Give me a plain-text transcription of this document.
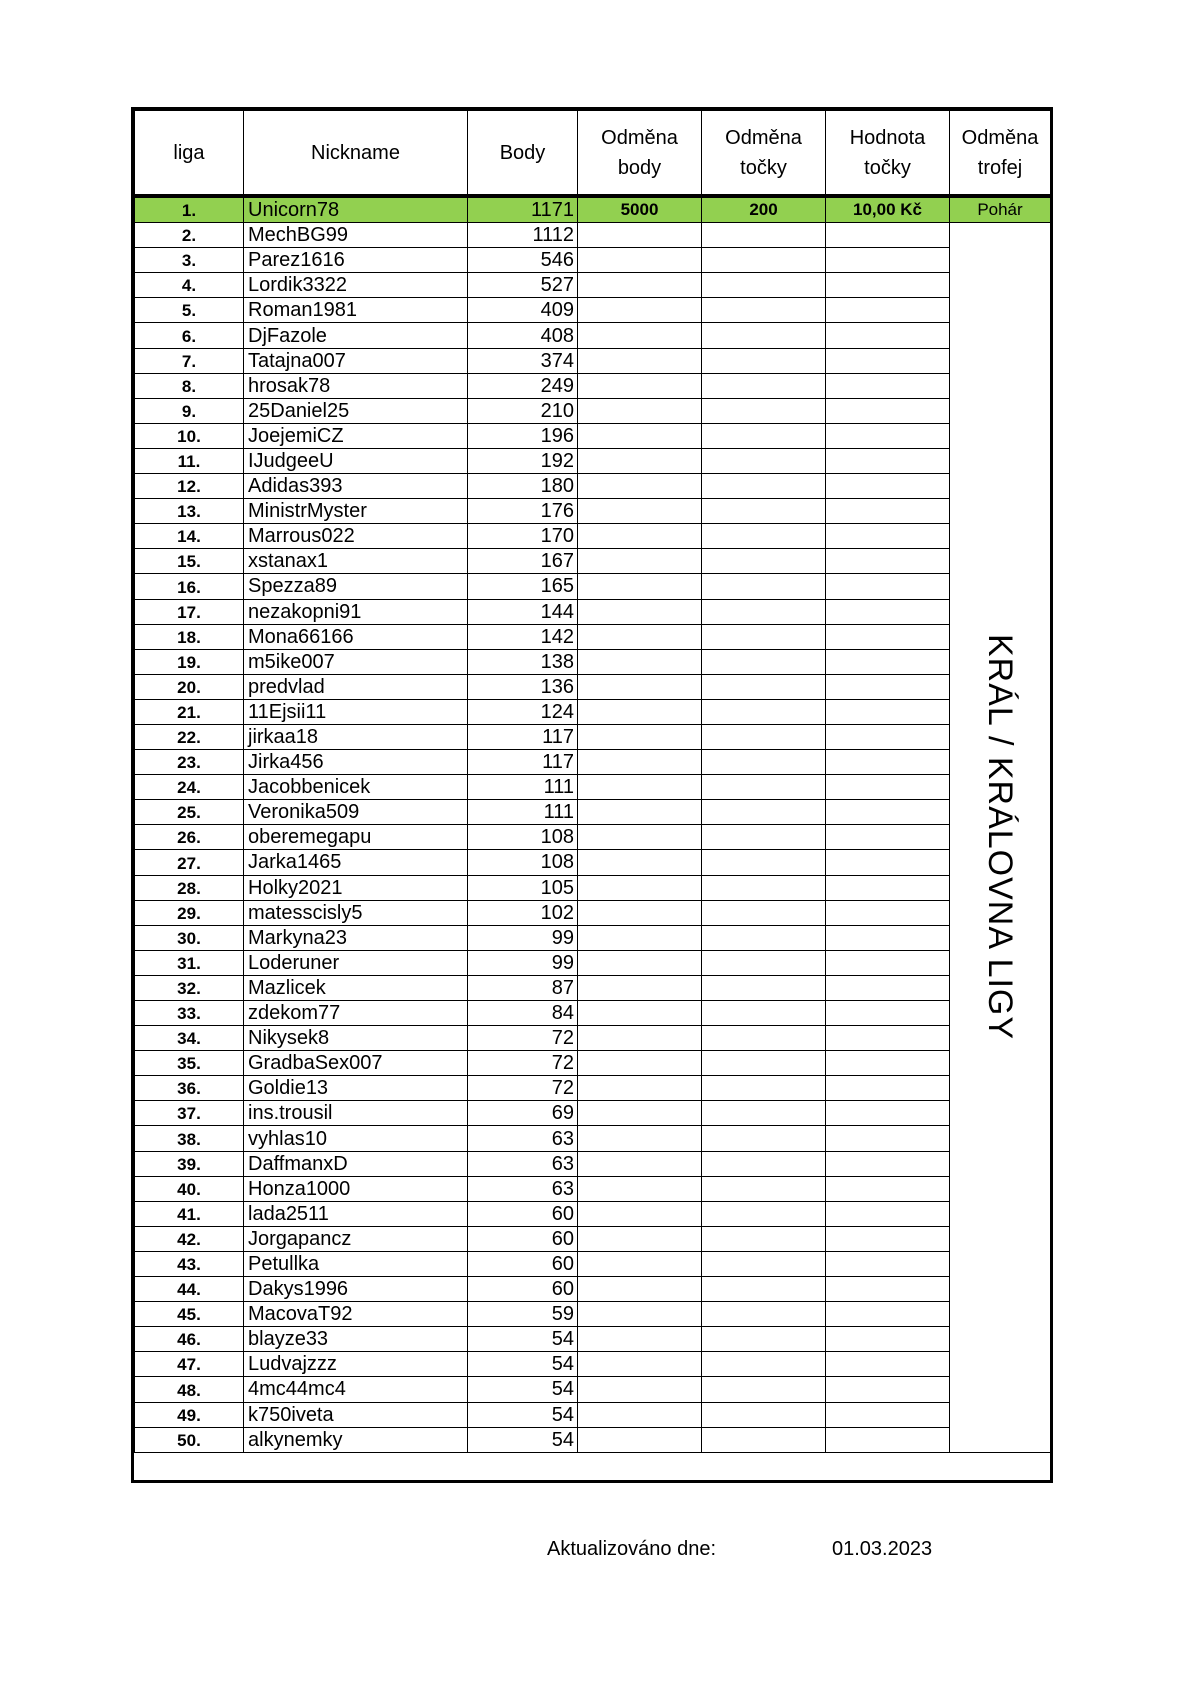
liga	Nickname	Body	Odměna body	Odměna točky	Hodnota točky	Odměna trofej
1.	Unicorn78	1171	5000	200	10,00 Kč	Pohár
2.	MechBG99	1112				KRÁL / KRÁLOVNA LIGY

3.	Parez1616	546				
4.	Lordik3322	527				
5.	Roman1981	409				
6.	DjFazole	408				
7.	Tatajna007	374				
8.	hrosak78	249				
9.	25Daniel25	210				
10.	JoejemiCZ	196				
11.	IJudgeeU	192				
12.	Adidas393	180				
13.	MinistrMyster	176				
14.	Marrous022	170				
15.	xstanax1	167				
16.	Spezza89	165				
17.	nezakopni91	144				
18.	Mona66166	142				
19.	m5ike007	138				
20.	predvlad	136				
21.	11Ejsii11	124				
22.	jirkaa18	117				
23.	Jirka456	117				
24.	Jacobbenicek	111				
25.	Veronika509	111				
26.	oberemegapu	108				
27.	Jarka1465	108				
28.	Holky2021	105				
29.	matesscisly5	102				
30.	Markyna23	99				
31.	Loderuner	99				
32.	Mazlicek	87				
33.	zdekom77	84				
34.	Nikysek8	72				
35.	GradbaSex007	72				
36.	Goldie13	72				
37.	ins.trousil	69				
38.	vyhlas10	63				
39.	DaffmanxD	63				
40.	Honza1000	63				
41.	lada2511	60				
42.	Jorgapancz	60				
43.	Petullka	60				
44.	Dakys1996	60				
45.	MacovaT92	59				
46.	blayze33	54				
47.	Ludvajzzz	54				
48.	4mc44mc4	54				
49.	k750iveta	54				
50.	alkynemky	54				
Aktualizováno dne:	01.03.2023
